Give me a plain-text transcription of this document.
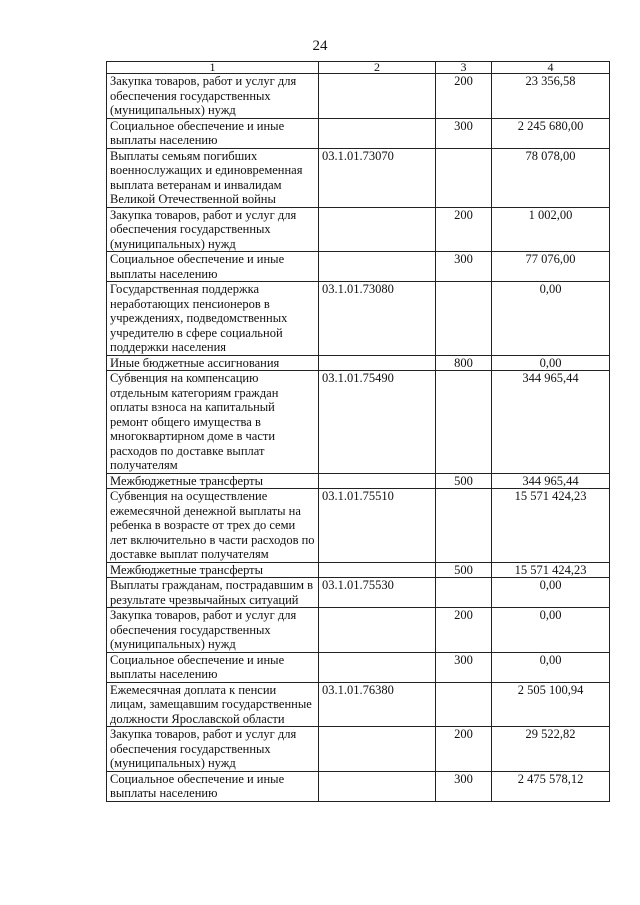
24
1	2	3	4
Закупка товаров, работ и услуг для обеспечения государственных (муниципальных) нужд		200	23 356,58
Социальное обеспечение и иные выплаты населению		300	2 245 680,00
Выплаты семьям погибших военнослужащих и единовременная выплата ветеранам и инвалидам Великой Отечественной войны	03.1.01.73070		78 078,00
Закупка товаров, работ и услуг для обеспечения государственных (муниципальных) нужд		200	1 002,00
Социальное обеспечение и иные выплаты населению		300	77 076,00
Государственная поддержка неработающих пенсионеров в учреждениях, подведомственных учредителю в сфере социальной поддержки населения	03.1.01.73080		0,00
Иные бюджетные ассигнования		800	0,00
Субвенция на компенсацию отдельным категориям граждан оплаты взноса на капитальный ремонт общего имущества в многоквартирном доме в части расходов по доставке выплат получателям	03.1.01.75490		344 965,44
Межбюджетные трансферты		500	344 965,44
Субвенция на осуществление ежемесячной денежной выплаты на ребенка в возрасте от трех до семи лет включительно в части расходов по доставке выплат получателям	03.1.01.75510		15 571 424,23
Межбюджетные трансферты		500	15 571 424,23
Выплаты гражданам, пострадавшим в результате чрезвычайных ситуаций	03.1.01.75530		0,00
Закупка товаров, работ и услуг для обеспечения государственных (муниципальных) нужд		200	0,00
Социальное обеспечение и иные выплаты населению		300	0,00
Ежемесячная доплата к пенсии лицам, замещавшим государственные должности Ярославской области	03.1.01.76380		2 505 100,94
Закупка товаров, работ и услуг для обеспечения государственных (муниципальных) нужд		200	29 522,82
Социальное обеспечение и иные выплаты населению		300	2 475 578,12
